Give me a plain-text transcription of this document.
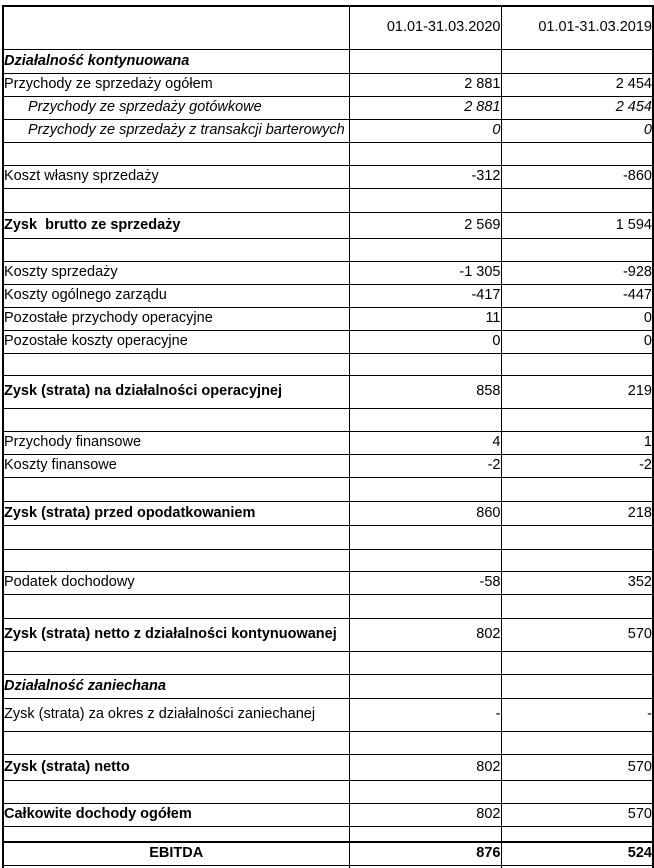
	01.01-31.03.2020	01.01-31.03.2019
Działalność kontynuowana		
Przychody ze sprzedaży ogółem	2 881	2 454
Przychody ze sprzedaży gotówkowe	2 881	2 454
Przychody ze sprzedaży z transakcji barterowych	0	0

Koszt własny sprzedaży	-312	-860

Zysk  brutto ze sprzedaży	2 569	1 594

Koszty sprzedaży	-1 305	-928
Koszty ogólnego zarządu	-417	-447
Pozostałe przychody operacyjne	11	0
Pozostałe koszty operacyjne	0	0

Zysk (strata) na działalności operacyjnej	858	219

Przychody finansowe	4	1
Koszty finansowe	-2	-2

Zysk (strata) przed opodatkowaniem	860	218

Podatek dochodowy	-58	352

Zysk (strata) netto z działalności kontynuowanej	802	570

Działalność zaniechana		
Zysk (strata) za okres z działalności zaniechanej	-	-

Zysk (strata) netto	802	570

Całkowite dochody ogółem	802	570

EBITDA	876	524
